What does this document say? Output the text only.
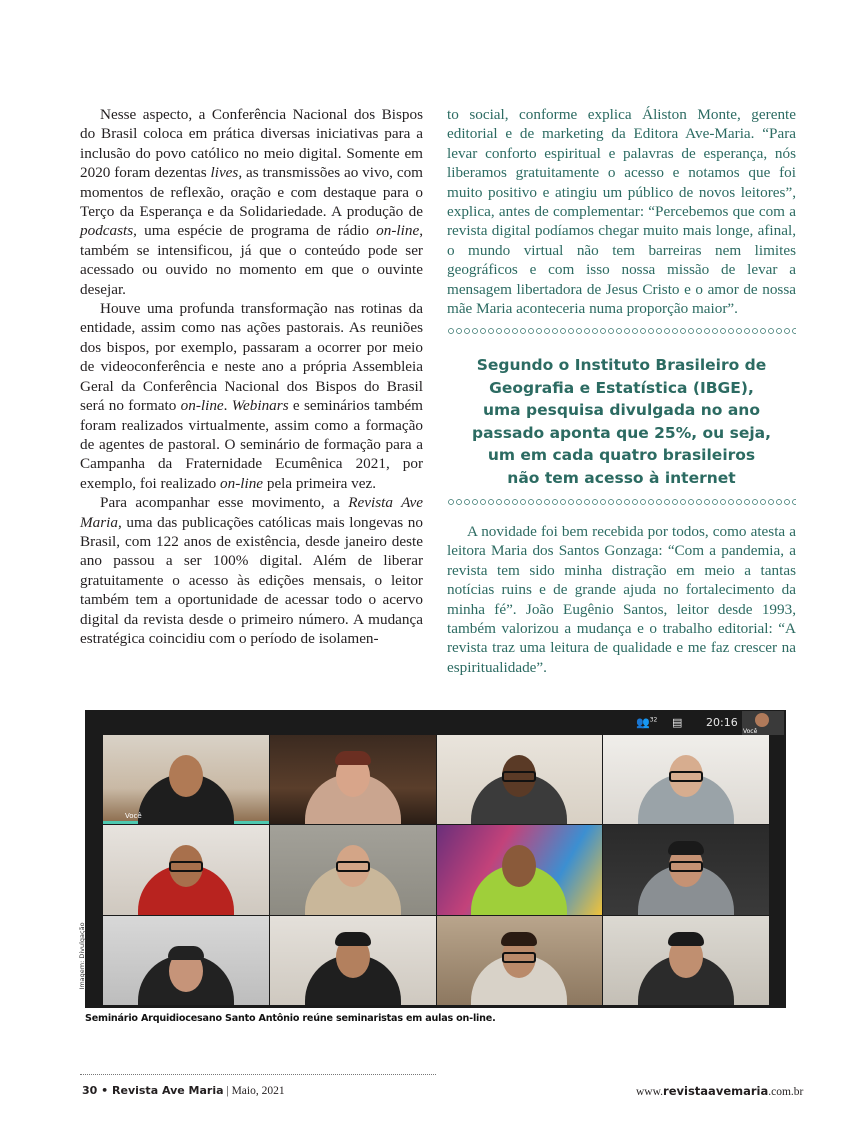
Nesse aspecto, a Conferência Nacional dos Bispos do Brasil coloca em prática diversas iniciativas para a inclusão do povo católico no meio digital. Somente em 2020 foram dezentas lives, as transmissões ao vivo, com momentos de reflexão, oração e com destaque para o Terço da Esperança e da Solidariedade. A produção de podcasts, uma espécie de programa de rádio on-line, também se intensificou, já que o conteúdo pode ser acessado ou ouvido no momento em que o ouvinte desejar.

Houve uma profunda transformação nas rotinas da entidade, assim como nas ações pastorais. As reuniões dos bispos, por exemplo, passaram a ocorrer por meio de videoconferência e neste ano a própria Assembleia Geral da Conferência Nacional dos Bispos do Brasil será no formato on-line. Webinars e seminários também foram realizados virtualmente, assim como a formação de agentes de pastoral. O seminário de formação para a Campanha da Fraternidade Ecumênica 2021, por exemplo, foi realizado on-line pela primeira vez.

Para acompanhar esse movimento, a Revista Ave Maria, uma das publicações católicas mais longevas no Brasil, com 122 anos de existência, desde janeiro deste ano passou a ser 100% digital. Além de liberar gratuitamente o acesso às edições mensais, o leitor também tem a oportunidade de acessar todo o acervo digital da revista desde o primeiro número. A mudança estratégica coincidiu com o período de isolamen-

to social, conforme explica Áliston Monte, gerente editorial e de marketing da Editora Ave-Maria. “Para levar conforto espiritual e palavras de esperança, nós liberamos gratuitamente o acesso e notamos que foi muito positivo e atingiu um público de novos leitores”, explica, antes de complementar: “Percebemos que com a revista digital podíamos chegar muito mais longe, afinal, o mundo virtual não tem barreiras nem limites geográficos e com isso nossa missão de levar a mensagem libertadora de Jesus Cristo e o amor de nossa mãe Maria aconteceria numa proporção maior”.

Segundo o Instituto Brasileiro de
Geografia e Estatística (IBGE),
uma pesquisa divulgada no ano
passado aponta que 25%, ou seja,
um em cada quatro brasileiros
não tem acesso à internet

A novidade foi bem recebida por todos, como atesta a leitora Maria dos Santos Gonzaga: “Com a pandemia, a revista tem sido minha distração em meio a tantas notícias ruins e de grande ajuda no fortalecimento da minha fé”. João Eugênio Santos, leitor desde 1993, também valorizou a mudança e o trabalho editorial: “A revista traz uma leitura de qualidade e me faz crescer na espiritualidade”.

👥$^{32}$ ▤ 20:16
Você
Você
Imagem: Divulgação
Seminário Arquidiocesano Santo Antônio reúne seminaristas em aulas on-line.
30 • Revista Ave Maria | Maio, 2021	www.revistaavemaria.com.br
